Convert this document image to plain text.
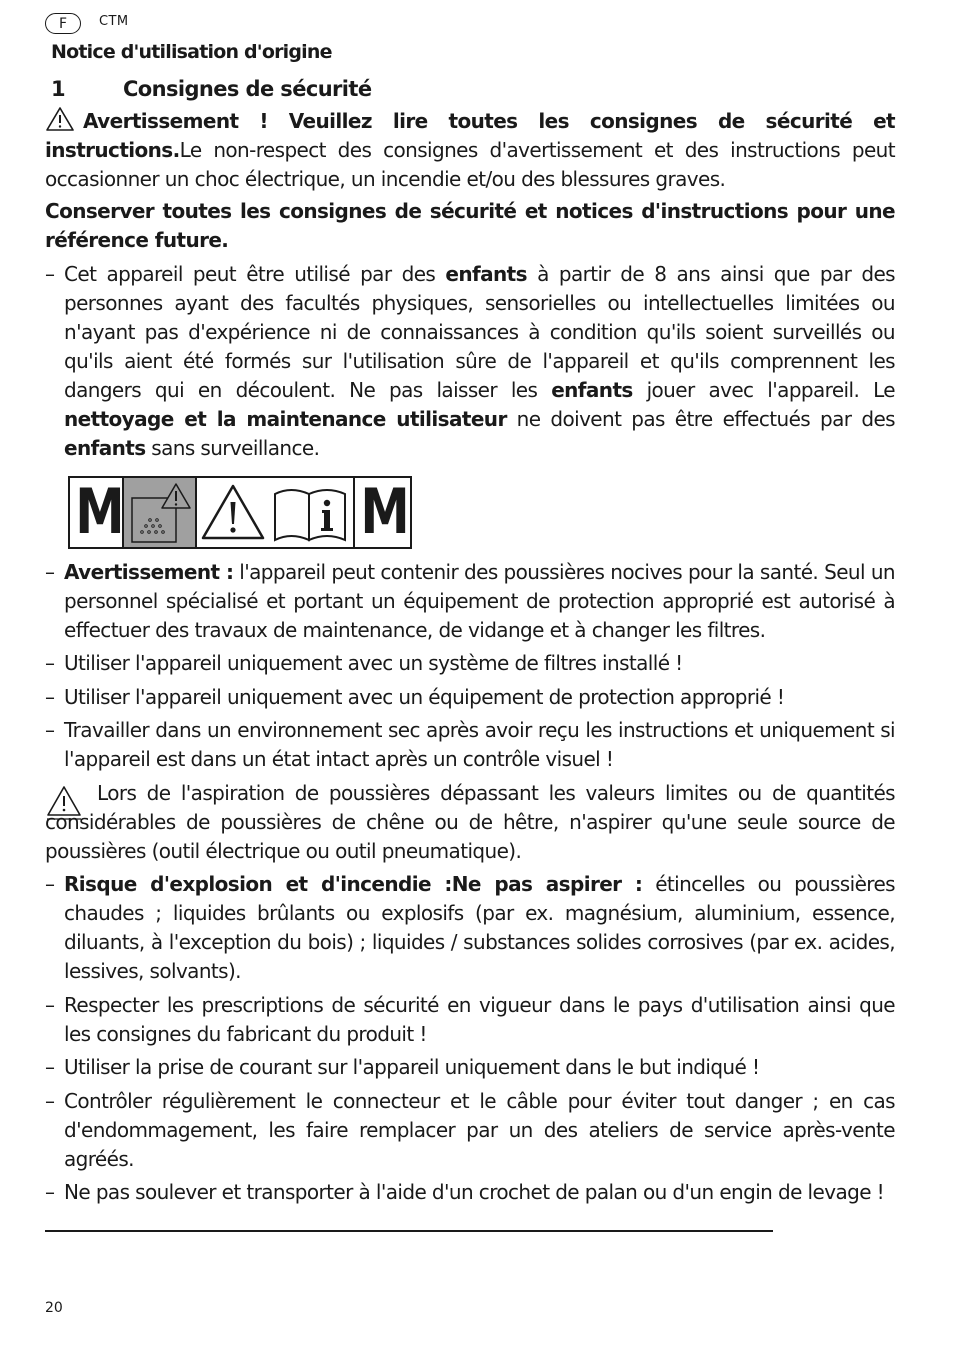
F	CTM
Notice d'utilisation d'origine
1	Consignes de sécurité
Avertissement ! Veuillez lire toutes les consignes de sécurité et instructions.Le non-respect des consignes d'avertissement et des instructions peut occasionner un choc électrique, un incendie et/ou des blessures graves.
Conserver toutes les consignes de sécurité et notices d'instructions pour une référence future.
– Cet appareil peut être utilisé par des enfants à partir de 8 ans ainsi que par des personnes ayant des facultés physiques, sensorielles ou intellectuelles limitées ou n'ayant pas d'expérience ni de connaissances à condition qu'ils soient surveillés ou qu'ils aient été formés sur l'utilisation sûre de l'appareil et qu'ils comprennent les dangers qui en découlent. Ne pas laisser les enfants jouer avec l'appareil. Le nettoyage et la maintenance utilisateur ne doivent pas être effectués par des enfants sans surveillance.
M	M
– Avertissement : l'appareil peut contenir des poussières nocives pour la santé. Seul un personnel spécialisé et portant un équipement de protection approprié est autorisé à effectuer des travaux de maintenance, de vidange et à changer les filtres.
– Utiliser l'appareil uniquement avec un système de filtres installé !
– Utiliser l'appareil uniquement avec un équipement de protection approprié !
– Travailler dans un environnement sec après avoir reçu les instructions et uniquement si l'appareil est dans un état intact après un contrôle visuel !
Lors de l'aspiration de poussières dépassant les valeurs limites ou de quantités considérables de poussières de chêne ou de hêtre, n'aspirer qu'une seule source de poussières (outil électrique ou outil pneumatique).
– Risque d'explosion et d'incendie :Ne pas aspirer : étincelles ou poussières chaudes ; liquides brûlants ou explosifs (par ex. magnésium, aluminium, essence, diluants, à l'exception du bois) ; liquides / substances solides corrosives (par ex. acides, lessives, solvants).
– Respecter les prescriptions de sécurité en vigueur dans le pays d'utilisation ainsi que les consignes du fabricant du produit !
– Utiliser la prise de courant sur l'appareil uniquement dans le but indiqué !
– Contrôler régulièrement le connecteur et le câble pour éviter tout danger ; en cas d'endommagement, les faire remplacer par un des ateliers de service après-vente agréés.
– Ne pas soulever et transporter à l'aide d'un crochet de palan ou d'un engin de levage !
20
